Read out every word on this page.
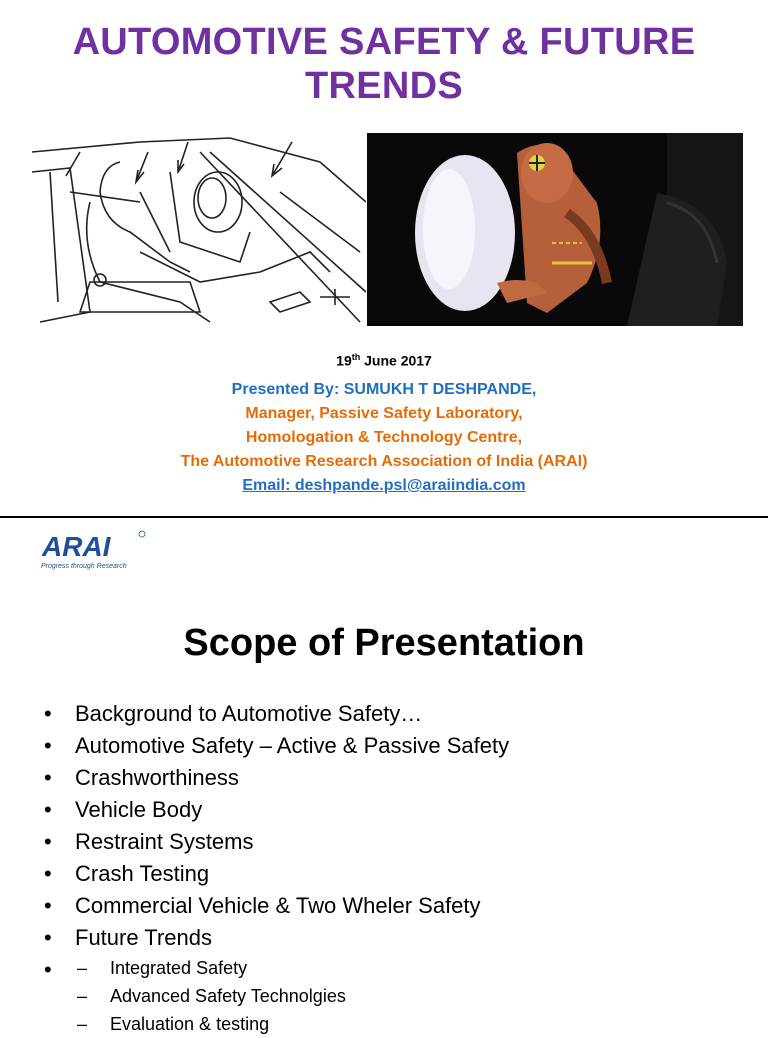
AUTOMOTIVE SAFETY & FUTURE
TRENDS
19th June 2017
Presented By: SUMUKH T DESHPANDE,
Manager, Passive Safety Laboratory,
Homologation & Technology Centre,
The Automotive Research Association of India (ARAI)
Email: deshpande.psl@araiindia.com
ARAI
Progress through Research
Scope of Presentation
• Background to Automotive Safety…
• Automotive Safety – Active & Passive Safety
• Crashworthiness
• Vehicle Body
• Restraint Systems
• Crash Testing
• Commercial Vehicle & Two Wheler Safety
• Future Trends
– • Integrated Safety
– Advanced Safety Technolgies
– Evaluation & testing
